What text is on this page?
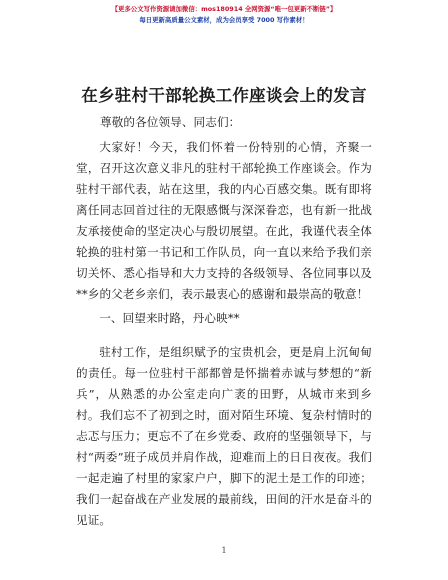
【更多公文写作资源请加微信：mos180914 全网资源“唯一包更新不断链”】
每日更新高质量公文素材，成为会员享受 7000 写作素材！
在乡驻村干部轮换工作座谈会上的发言
尊敬的各位领导、同志们：
大家好！今天，我们怀着一份特别的心情，齐聚一堂，召开这次意义非凡的驻村干部轮换工作座谈会。作为驻村干部代表，站在这里，我的内心百感交集。既有即将离任同志回首过往的无限感慨与深深眷恋，也有新一批战友承接使命的坚定决心与殷切展望。在此，我谨代表全体轮换的驻村第一书记和工作队员，向一直以来给予我们亲切关怀、悉心指导和大力支持的各级领导、各位同事以及**乡的父老乡亲们，表示最衷心的感谢和最崇高的敬意！
一、回望来时路，丹心映**
驻村工作，是组织赋予的宝贵机会，更是肩上沉甸甸的责任。每一位驻村干部都曾是怀揣着赤诚与梦想的“新兵”，从熟悉的办公室走向广袤的田野，从城市来到乡村。我们忘不了初到之时，面对陌生环境、复杂村情时的忐忑与压力；更忘不了在乡党委、政府的坚强领导下，与村“两委”班子成员并肩作战，迎难而上的日日夜夜。我们一起走遍了村里的家家户户，脚下的泥土是工作的印迹；我们一起奋战在产业发展的最前线，田间的汗水是奋斗的见证。
1
